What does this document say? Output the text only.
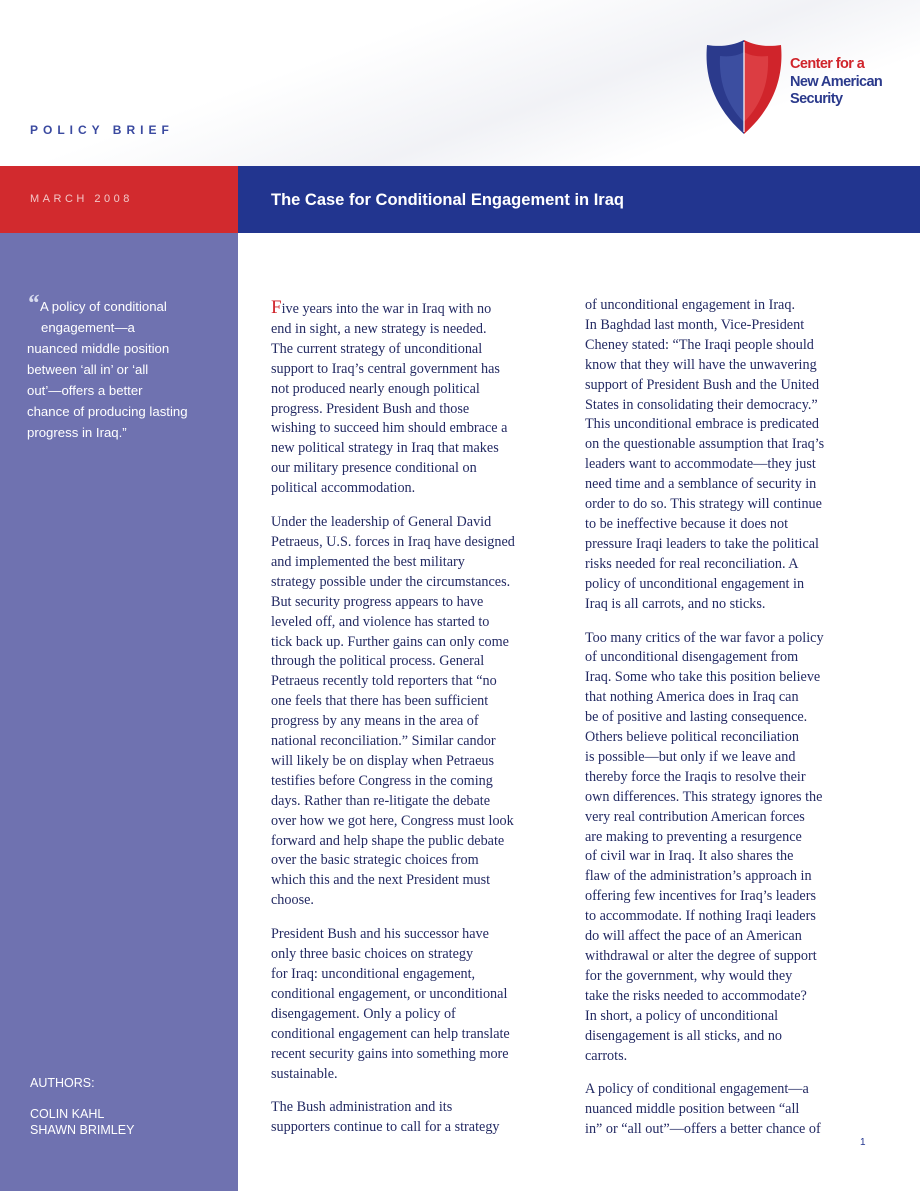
POLICY BRIEF
Center for a
New American
Security
MARCH 2008	The Case for Conditional Engagement in Iraq
“ A policy of conditional
engagement—a
nuanced middle position
between ‘all in’ or ‘all
out’—offers a better
chance of producing lasting
progress in Iraq.”
AUTHORS:
COLIN KAHL
SHAWN BRIMLEY

Five years into the war in Iraq with no
end in sight, a new strategy is needed.
The current strategy of unconditional
support to Iraq’s central government has
not produced nearly enough political
progress. President Bush and those
wishing to succeed him should embrace a
new political strategy in Iraq that makes
our military presence conditional on
political accommodation.

Under the leadership of General David
Petraeus, U.S. forces in Iraq have designed
and implemented the best military
strategy possible under the circumstances.
But security progress appears to have
leveled off, and violence has started to
tick back up. Further gains can only come
through the political process. General
Petraeus recently told reporters that “no
one feels that there has been sufficient
progress by any means in the area of
national reconciliation.” Similar candor
will likely be on display when Petraeus
testifies before Congress in the coming
days. Rather than re-litigate the debate
over how we got here, Congress must look
forward and help shape the public debate
over the basic strategic choices from
which this and the next President must
choose.

President Bush and his successor have
only three basic choices on strategy
for Iraq: unconditional engagement,
conditional engagement, or unconditional
disengagement. Only a policy of
conditional engagement can help translate
recent security gains into something more
sustainable.

The Bush administration and its
supporters continue to call for a strategy

of unconditional engagement in Iraq.
In Baghdad last month, Vice-President
Cheney stated: “The Iraqi people should
know that they will have the unwavering
support of President Bush and the United
States in consolidating their democracy.”
This unconditional embrace is predicated
on the questionable assumption that Iraq’s
leaders want to accommodate—they just
need time and a semblance of security in
order to do so. This strategy will continue
to be ineffective because it does not
pressure Iraqi leaders to take the political
risks needed for real reconciliation. A
policy of unconditional engagement in
Iraq is all carrots, and no sticks.

Too many critics of the war favor a policy
of unconditional disengagement from
Iraq. Some who take this position believe
that nothing America does in Iraq can
be of positive and lasting consequence.
Others believe political reconciliation
is possible—but only if we leave and
thereby force the Iraqis to resolve their
own differences. This strategy ignores the
very real contribution American forces
are making to preventing a resurgence
of civil war in Iraq. It also shares the
flaw of the administration’s approach in
offering few incentives for Iraq’s leaders
to accommodate. If nothing Iraqi leaders
do will affect the pace of an American
withdrawal or alter the degree of support
for the government, why would they
take the risks needed to accommodate?
In short, a policy of unconditional
disengagement is all sticks, and no
carrots.

A policy of conditional engagement—a
nuanced middle position between “all
in” or “all out”—offers a better chance of

1
